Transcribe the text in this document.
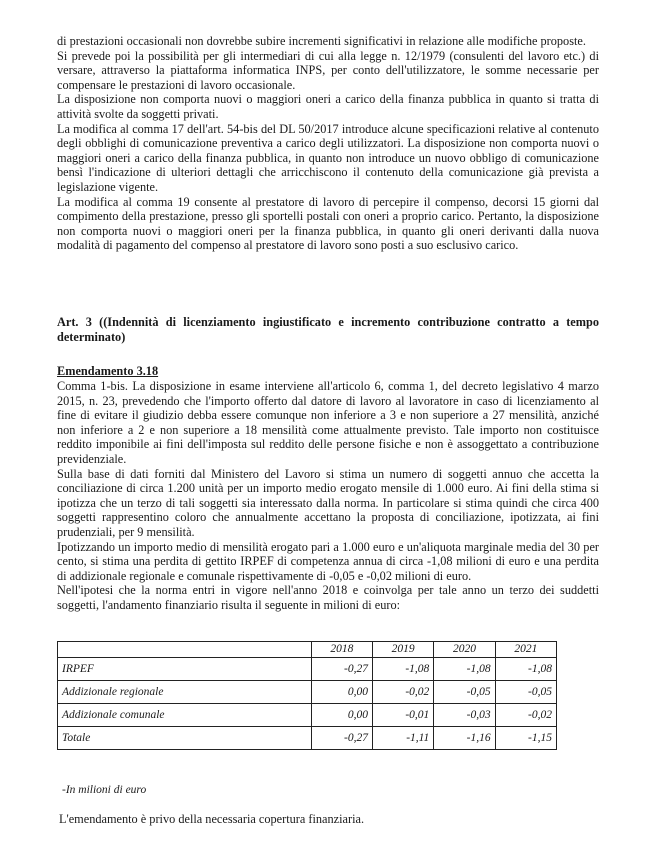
di prestazioni occasionali non dovrebbe subire incrementi significativi in relazione alle modifiche proposte.

Si prevede poi la possibilità per gli intermediari di cui alla legge n. 12/1979 (consulenti del lavoro etc.) di versare, attraverso la piattaforma informatica INPS, per conto dell'utilizzatore, le somme necessarie per compensare le prestazioni di lavoro occasionale.

La disposizione non comporta nuovi o maggiori oneri a carico della finanza pubblica in quanto si tratta di attività svolte da soggetti privati.

La modifica al comma 17 dell'art. 54-bis del DL 50/2017 introduce alcune specificazioni relative al contenuto degli obblighi di comunicazione preventiva a carico degli utilizzatori. La disposizione non comporta nuovi o maggiori oneri a carico della finanza pubblica, in quanto non introduce un nuovo obbligo di comunicazione bensì l'indicazione di ulteriori dettagli che arricchiscono il contenuto della comunicazione già prevista a legislazione vigente.

La modifica al comma 19 consente al prestatore di lavoro di percepire il compenso, decorsi 15 giorni dal compimento della prestazione, presso gli sportelli postali con oneri a proprio carico. Pertanto, la disposizione non comporta nuovi o maggiori oneri per la finanza pubblica, in quanto gli oneri derivanti dalla nuova modalità di pagamento del compenso al prestatore di lavoro sono posti a suo esclusivo carico.

Art. 3 ((Indennità di licenziamento ingiustificato e incremento contribuzione contratto a tempo determinato)
Emendamento 3.18

Comma 1-bis. La disposizione in esame interviene all'articolo 6, comma 1, del decreto legislativo 4 marzo 2015, n. 23, prevedendo che l'importo offerto dal datore di lavoro al lavoratore in caso di licenziamento al fine di evitare il giudizio debba essere comunque non inferiore a 3 e non superiore a 27 mensilità, anziché non inferiore a 2 e non superiore a 18 mensilità come attualmente previsto. Tale importo non costituisce reddito imponibile ai fini dell'imposta sul reddito delle persone fisiche e non è assoggettato a contribuzione previdenziale.

Sulla base di dati forniti dal Ministero del Lavoro si stima un numero di soggetti annuo che accetta la conciliazione di circa 1.200 unità per un importo medio erogato mensile di 1.000 euro. Ai fini della stima si ipotizza che un terzo di tali soggetti sia interessato dalla norma. In particolare si stima quindi che circa 400 soggetti rappresentino coloro che annualmente accettano la proposta di conciliazione, ipotizzata, ai fini prudenziali, per 9 mensilità.

Ipotizzando un importo medio di mensilità erogato pari a 1.000 euro e un'aliquota marginale media del 30 per cento, si stima una perdita di gettito IRPEF di competenza annua di circa -1,08 milioni di euro e una perdita di addizionale regionale e comunale rispettivamente di -0,05 e -0,02 milioni di euro.

Nell'ipotesi che la norma entri in vigore nell'anno 2018 e coinvolga per tale anno un terzo dei suddetti soggetti, l'andamento finanziario risulta il seguente in milioni di euro:

	2018	2019	2020	2021
IRPEF	-0,27	-1,08	-1,08	-1,08
Addizionale regionale	0,00	-0,02	-0,05	-0,05
Addizionale comunale	0,00	-0,01	-0,03	-0,02
Totale	-0,27	-1,11	-1,16	-1,15
-In milioni di euro
L'emendamento è privo della necessaria copertura finanziaria.
